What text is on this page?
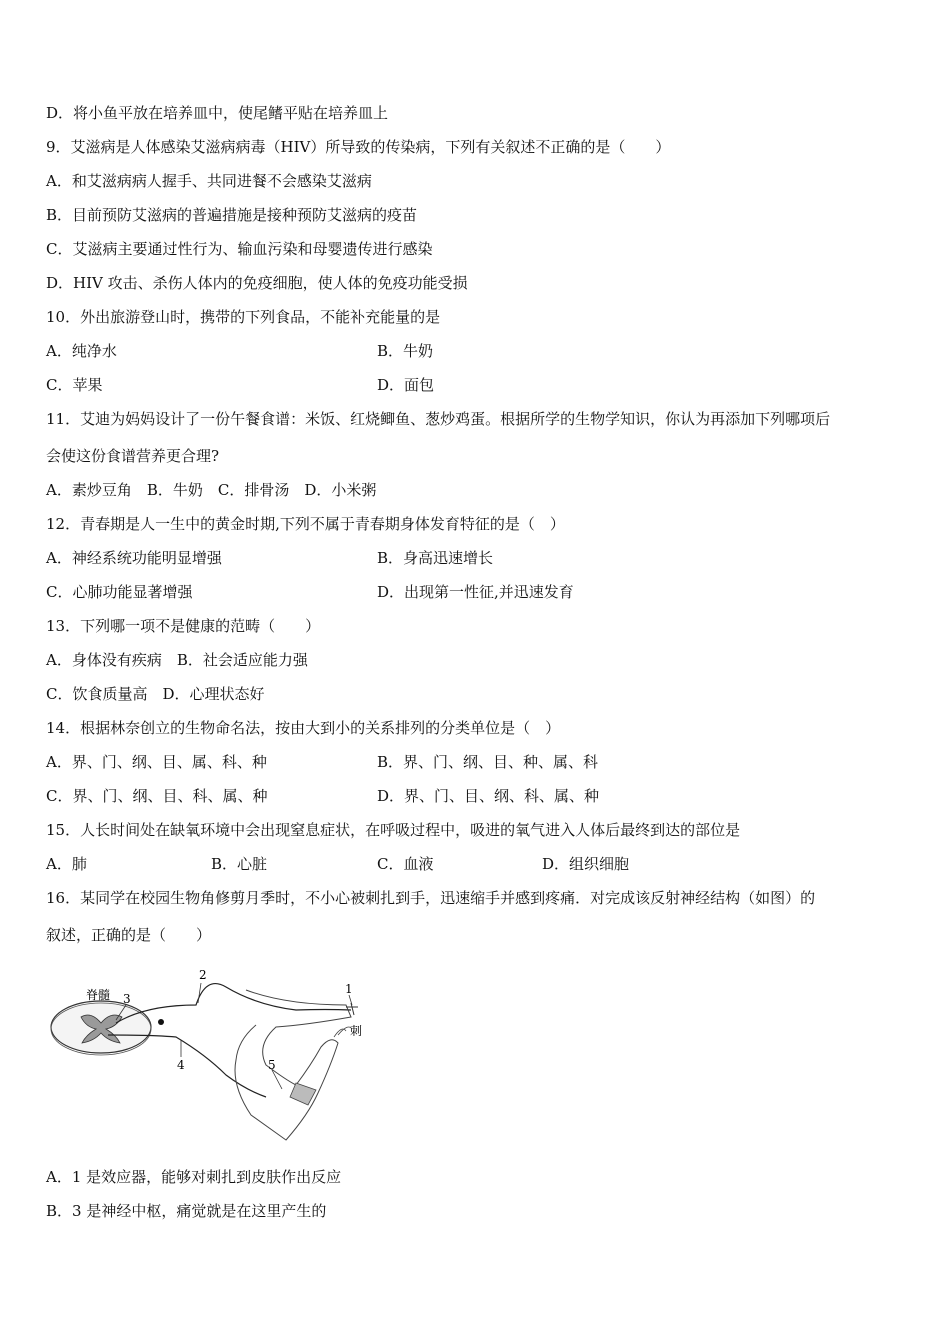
D．将小鱼平放在培养皿中，使尾鳍平贴在培养皿上
9．艾滋病是人体感染艾滋病病毒（HIV）所导致的传染病，下列有关叙述不正确的是（　　）
A．和艾滋病病人握手、共同进餐不会感染艾滋病
B．目前预防艾滋病的普遍措施是接种预防艾滋病的疫苗
C．艾滋病主要通过性行为、输血污染和母婴遗传进行感染
D．HIV 攻击、杀伤人体内的免疫细胞，使人体的免疫功能受损
10．外出旅游登山时，携带的下列食品，不能补充能量的是
A．纯净水	B．牛奶
C．苹果	D．面包
11．艾迪为妈妈设计了一份午餐食谱：米饭、红烧鲫鱼、葱炒鸡蛋。根据所学的生物学知识，你认为再添加下列哪项后
会使这份食谱营养更合理?
A．素炒豆角　B．牛奶　C．排骨汤　D．小米粥
12．青春期是人一生中的黄金时期,下列不属于青春期身体发育特征的是（　）
A．神经系统功能明显增强	B．身高迅速增长
C．心肺功能显著增强	D．出现第一性征,并迅速发育
13．下列哪一项不是健康的范畴（　　）
A．身体没有疾病　B．社会适应能力强
C．饮食质量高　D．心理状态好
14．根据林奈创立的生物命名法，按由大到小的关系排列的分类单位是（　）
A．界、门、纲、目、属、科、种	B．界、门、纲、目、种、属、科
C．界、门、纲、目、科、属、种	D．界、门、目、纲、科、属、种
15．人长时间处在缺氧环境中会出现窒息症状，在呼吸过程中，吸进的氧气进入人体后最终到达的部位是
A．肺	B．心脏	C．血液	D．组织细胞
16．某同学在校园生物角修剪月季时，不小心被刺扎到手，迅速缩手并感到疼痛．对完成该反射神经结构（如图）的
叙述，正确的是（　　）
脊髓	1
2
3
4	5
刺
A．1 是效应器，能够对刺扎到皮肤作出反应
B．3 是神经中枢，痛觉就是在这里产生的
